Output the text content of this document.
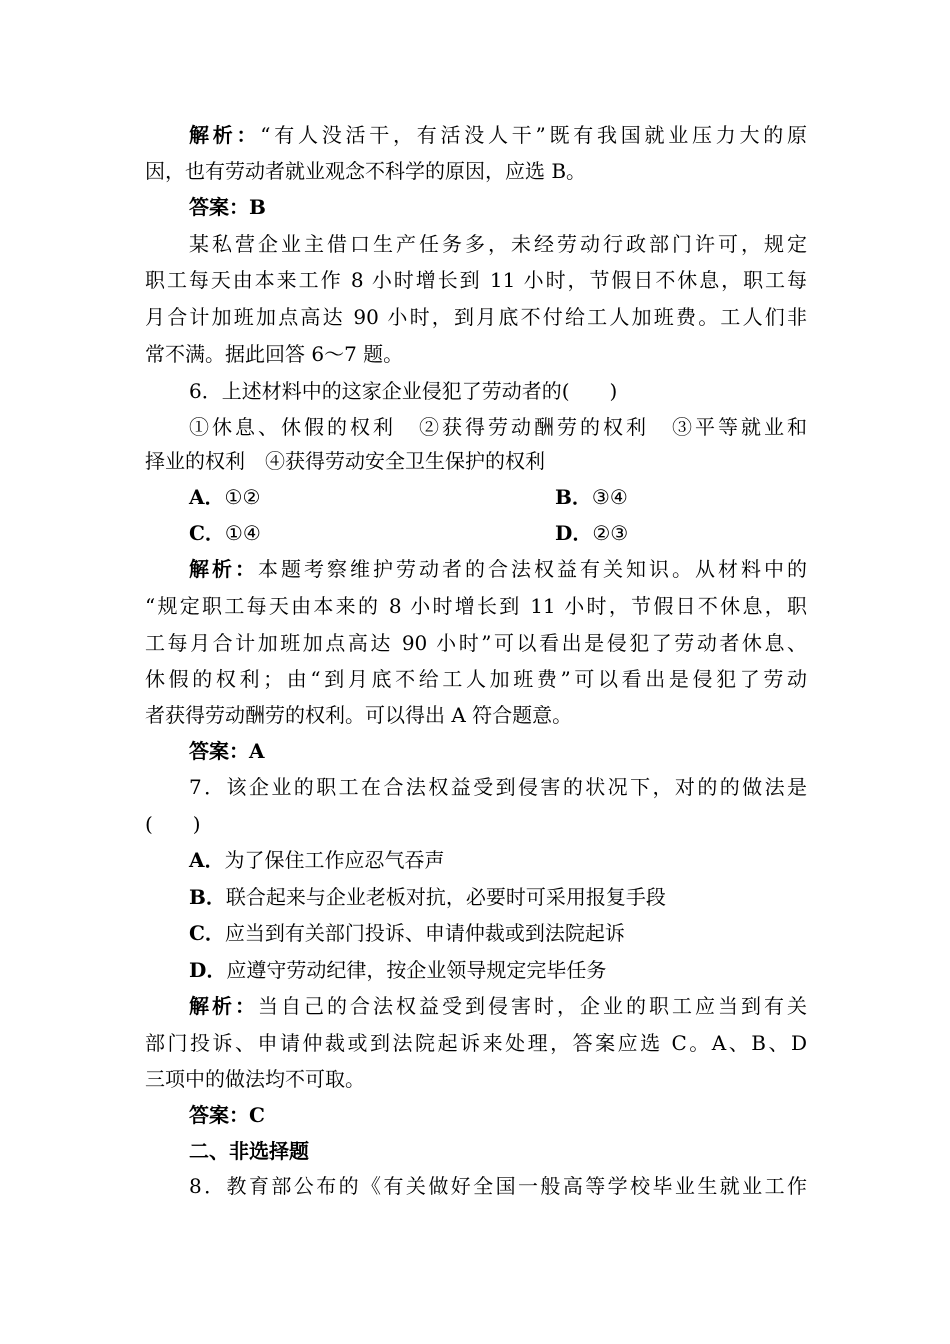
解析：“有人没活干，有活没人干”既有我国就业压力大的原
因，也有劳动者就业观念不科学的原因，应选 B。
答案：B
某私营企业主借口生产任务多，未经劳动行政部门许可，规定
职工每天由本来工作 8 小时增长到 11 小时，节假日不休息，职工每
月合计加班加点高达 90 小时，到月底不付给工人加班费。工人们非
常不满。据此回答 6～7 题。
6．上述材料中的这家企业侵犯了劳动者的(　　)
①休息、休假的权利　②获得劳动酬劳的权利　③平等就业和
择业的权利　④获得劳动安全卫生保护的权利
A．①②	B．③④
C．①④	D．②③
解析：本题考察维护劳动者的合法权益有关知识。从材料中的
“规定职工每天由本来的 8 小时增长到 11 小时，节假日不休息，职
工每月合计加班加点高达 90 小时”可以看出是侵犯了劳动者休息、
休假的权利；由“到月底不给工人加班费”可以看出是侵犯了劳动
者获得劳动酬劳的权利。可以得出 A 符合题意。
答案：A
7．该企业的职工在合法权益受到侵害的状况下，对的的做法是
(　　)
A．为了保住工作应忍气吞声
B．联合起来与企业老板对抗，必要时可采用报复手段
C．应当到有关部门投诉、申请仲裁或到法院起诉
D．应遵守劳动纪律，按企业领导规定完毕任务
解析：当自己的合法权益受到侵害时，企业的职工应当到有关
部门投诉、申请仲裁或到法院起诉来处理，答案应选 C。A、B、D
三项中的做法均不可取。
答案：C
二、非选择题
8．教育部公布的《有关做好全国一般高等学校毕业生就业工作
